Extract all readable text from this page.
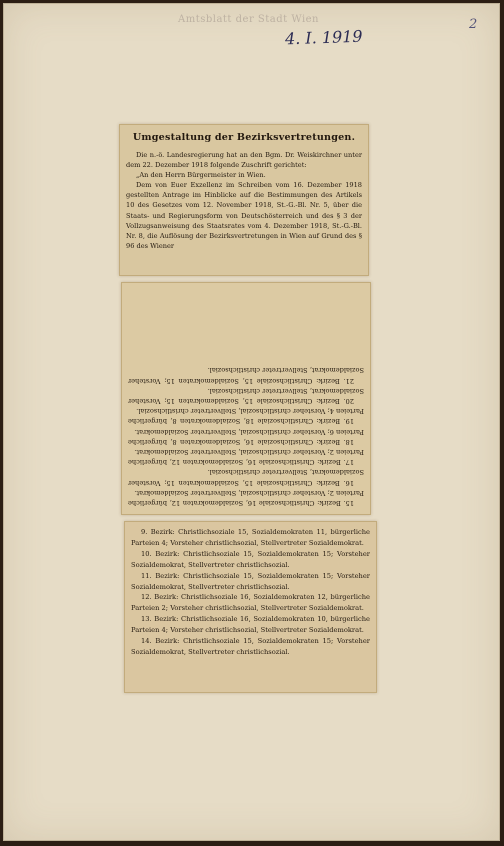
Amtsblatt der Stadt Wien
4. I. 1919
2
Umgestaltung der Bezirksvertretungen.

Die n.-ö. Landesregierung hat an den Bgm. Dr. Weiskirchner unter dem 22. Dezember 1918 folgende Zuschrift gerichtet:

„An den Herrn Bürgermeister in Wien.

Dem von Euer Exzellenz im Schreiben vom 16. Dezember 1918 gestellten Antrage im Hinblicke auf die Bestimmungen des Artikels 10 des Gesetzes vom 12. November 1918, St.-G.-Bl. Nr. 5, über die Staats- und Regierungsform von Deutschösterreich und des § 3 der Vollzugsanweisung des Staatsrates vom 4. Dezember 1918, St.-G.-Bl. Nr. 8, die Auflösung der Bezirksvertretungen in Wien auf Grund des § 96 des Wiener

15. Bezirk: Christlichsoziale 16, Sozialdemokraten 12, bürgerliche Parteien 2; Vorsteher christlichsozial, Stellvertreter Sozialdemokrat.

16. Bezirk: Christlichsoziale 15, Sozialdemokraten 15; Vorsteher Sozialdemokrat, Stellvertreter christlichsozial.

17. Bezirk: Christlichsoziale 16, Sozialdemokraten 12, bürgerliche Parteien 2; Vorsteher christlichsozial, Stellvertreter Sozialdemokrat.

18. Bezirk: Christlichsoziale 16, Sozialdemokraten 8, bürgerliche Parteien 6; Vorsteher christlichsozial, Stellvertreter Sozialdemokrat.

19. Bezirk: Christlichsoziale 18, Sozialdemokraten 8, bürgerliche Parteien 4; Vorsteher christlichsozial, Stellvertreter christlichsozial.

20. Bezirk: Christlichsoziale 15, Sozialdemokraten 15; Vorsteher Sozialdemokrat, Stellvertreter christlichsozial.

21. Bezirk: Christlichsoziale 15, Sozialdemokraten 15; Vorsteher Sozialdemokrat, Stellvertreter christlichsozial.

9. Bezirk: Christlichsoziale 15, Sozialdemokraten 11, bürgerliche Parteien 4; Vorsteher christlichsozial, Stellvertreter Sozialdemokrat.

10. Bezirk: Christlichsoziale 15, Sozialdemokraten 15; Vorsteher Sozialdemokrat, Stellvertreter christlichsozial.

11. Bezirk: Christlichsoziale 15, Sozialdemokraten 15; Vorsteher Sozialdemokrat, Stellvertreter christlichsozial.

12. Bezirk: Christlichsoziale 16, Sozialdemokraten 12, bürgerliche Parteien 2; Vorsteher christlichsozial, Stellvertreter Sozialdemokrat.

13. Bezirk: Christlichsoziale 16, Sozialdemokraten 10, bürgerliche Parteien 4; Vorsteher christlichsozial, Stellvertreter Sozialdemokrat.

14. Bezirk: Christlichsoziale 15, Sozialdemokraten 15; Vorsteher Sozialdemokrat, Stellvertreter christlichsozial.
